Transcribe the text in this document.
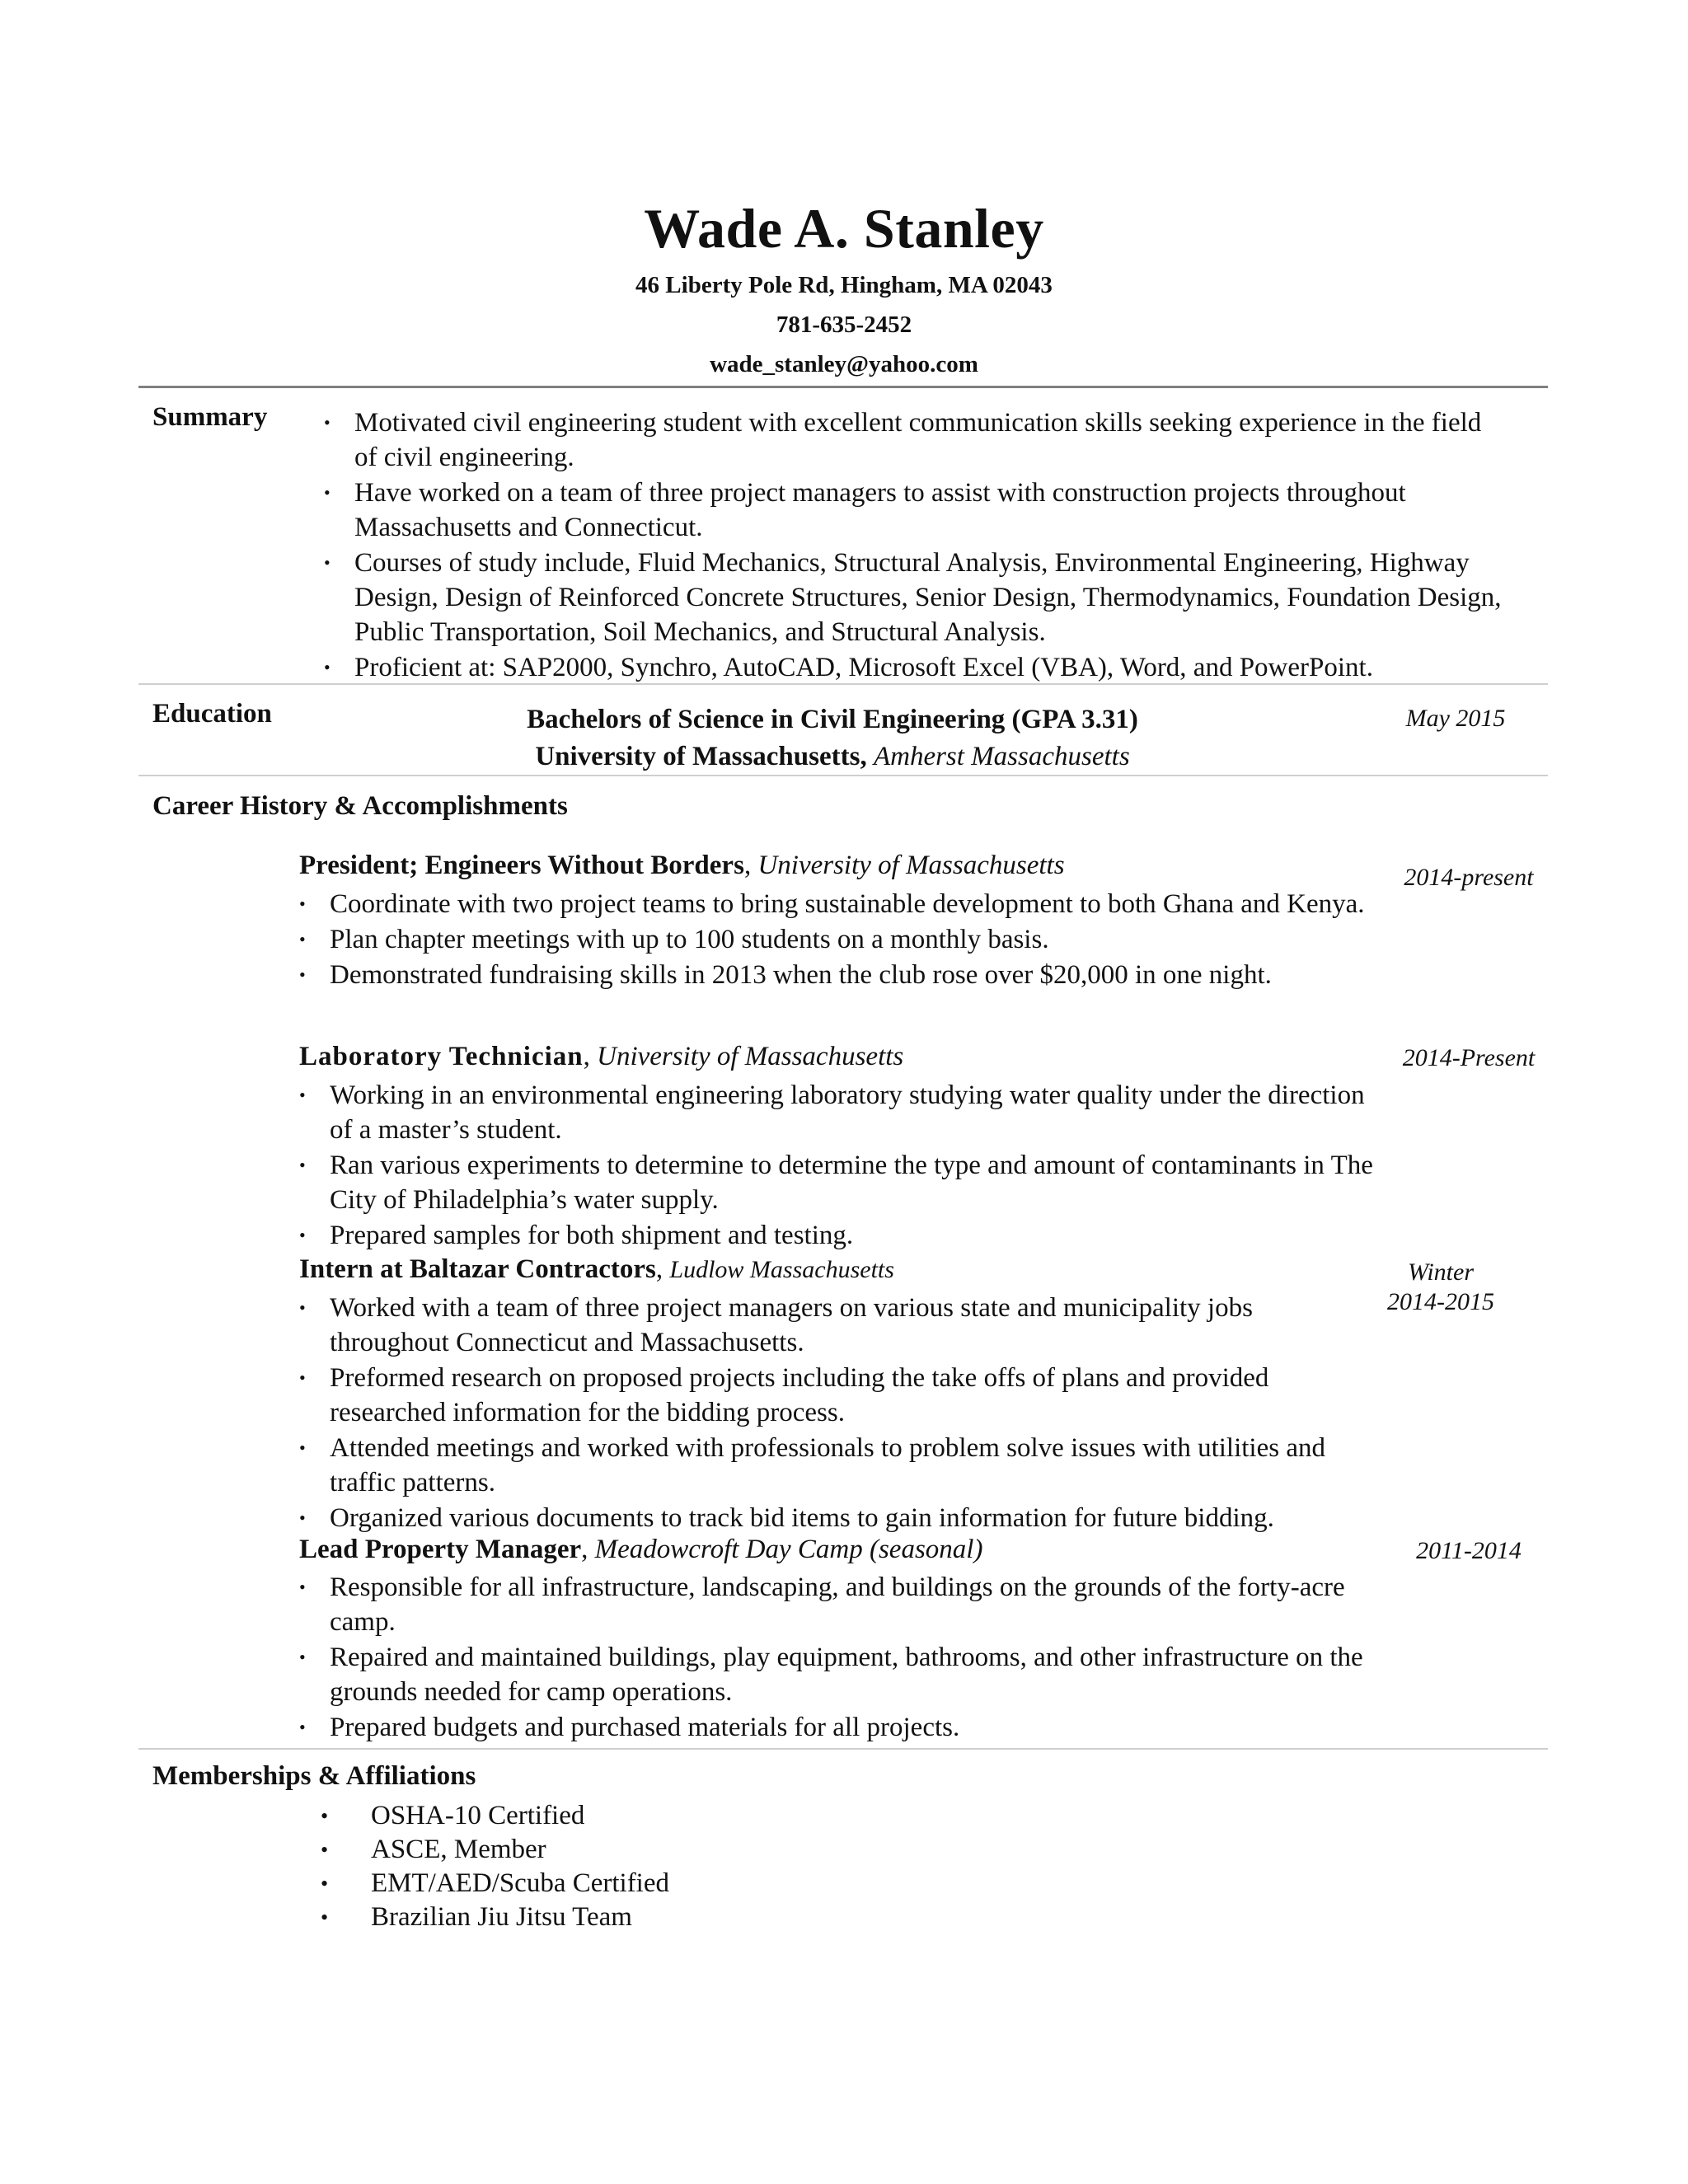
Wade A. Stanley
46 Liberty Pole Rd, Hingham, MA 02043
781-635-2452
wade_stanley@yahoo.com
Summary	• Motivated civil engineering student with excellent communication skills seeking experience in the field of civil engineering.
• Have worked on a team of three project managers to assist with construction projects throughout Massachusetts and Connecticut.
• Courses of study include, Fluid Mechanics, Structural Analysis, Environmental Engineering, Highway Design, Design of Reinforced Concrete Structures, Senior Design, Thermodynamics, Foundation Design, Public Transportation, Soil Mechanics, and Structural Analysis.
• Proficient at: SAP2000, Synchro, AutoCAD, Microsoft Excel (VBA), Word, and PowerPoint.
Education	Bachelors of Science in Civil Engineering (GPA 3.31)
University of Massachusetts, Amherst Massachusetts
May 2015
Career History & Accomplishments
President; Engineers Without Borders, University of Massachusetts	2014-present
• Coordinate with two project teams to bring sustainable development to both Ghana and Kenya.
• Plan chapter meetings with up to 100 students on a monthly basis.
• Demonstrated fundraising skills in 2013 when the club rose over $20,000 in one night.
Laboratory Technician, University of Massachusetts	2014-Present
• Working in an environmental engineering laboratory studying water quality under the direction of a master’s student.
• Ran various experiments to determine to determine the type and amount of contaminants in The City of Philadelphia’s water supply.
• Prepared samples for both shipment and testing.
Intern at Baltazar Contractors, Ludlow Massachusetts	Winter
2014-2015
• Worked with a team of three project managers on various state and municipality jobs throughout Connecticut and Massachusetts.
• Preformed research on proposed projects including the take offs of plans and provided researched information for the bidding process.
• Attended meetings and worked with professionals to problem solve issues with utilities and traffic patterns.
• Organized various documents to track bid items to gain information for future bidding.
Lead Property Manager, Meadowcroft Day Camp (seasonal)	2011-2014
• Responsible for all infrastructure, landscaping, and buildings on the grounds of the forty-acre camp.
• Repaired and maintained buildings, play equipment, bathrooms, and other infrastructure on the grounds needed for camp operations.
• Prepared budgets and purchased materials for all projects.
Memberships & Affiliations
• OSHA-10 Certified
• ASCE, Member
• EMT/AED/Scuba Certified
• Brazilian Jiu Jitsu Team
